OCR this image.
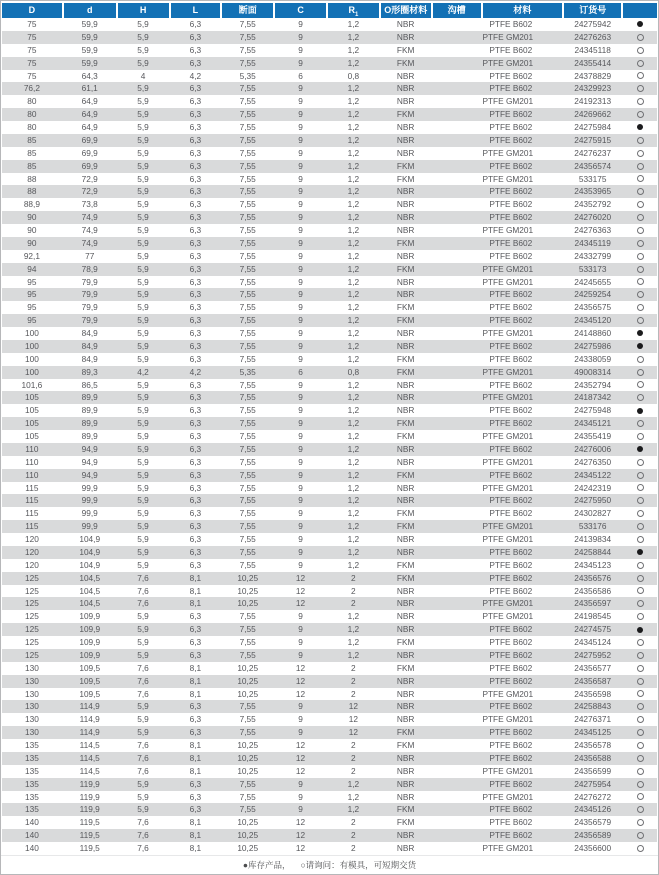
D	d	H	L	断面	C	$R_1$	O形圈材料	沟槽	材料	订货号
75	59,9	5,9	6,3	7,55	9	1,2	NBR	PTFE B602	24275942
75	59,9	5,9	6,3	7,55	9	1,2	NBR	PTFE GM201	24276263
75	59,9	5,9	6,3	7,55	9	1,2	FKM	PTFE B602	24345118
75	59,9	5,9	6,3	7,55	9	1,2	FKM	PTFE GM201	24355414
75	64,3	4	4,2	5,35	6	0,8	NBR	PTFE B602	24378829
76,2	61,1	5,9	6,3	7,55	9	1,2	NBR	PTFE B602	24329923
80	64,9	5,9	6,3	7,55	9	1,2	NBR	PTFE GM201	24192313
80	64,9	5,9	6,3	7,55	9	1,2	FKM	PTFE B602	24269662
80	64,9	5,9	6,3	7,55	9	1,2	NBR	PTFE B602	24275984
85	69,9	5,9	6,3	7,55	9	1,2	NBR	PTFE B602	24275915
85	69,9	5,9	6,3	7,55	9	1,2	NBR	PTFE GM201	24276237
85	69,9	5,9	6,3	7,55	9	1,2	FKM	PTFE B602	24356574
88	72,9	5,9	6,3	7,55	9	1,2	FKM	PTFE GM201	533175
88	72,9	5,9	6,3	7,55	9	1,2	NBR	PTFE B602	24353965
88,9	73,8	5,9	6,3	7,55	9	1,2	NBR	PTFE B602	24352792
90	74,9	5,9	6,3	7,55	9	1,2	NBR	PTFE B602	24276020
90	74,9	5,9	6,3	7,55	9	1,2	NBR	PTFE GM201	24276363
90	74,9	5,9	6,3	7,55	9	1,2	FKM	PTFE B602	24345119
92,1	77	5,9	6,3	7,55	9	1,2	NBR	PTFE B602	24332799
94	78,9	5,9	6,3	7,55	9	1,2	FKM	PTFE GM201	533173
95	79,9	5,9	6,3	7,55	9	1,2	NBR	PTFE GM201	24245655
95	79,9	5,9	6,3	7,55	9	1,2	NBR	PTFE B602	24259254
95	79,9	5,9	6,3	7,55	9	1,2	FKM	PTFE B602	24356575
95	79,9	5,9	6,3	7,55	9	1,2	FKM	PTFE B602	24345120
100	84,9	5,9	6,3	7,55	9	1,2	NBR	PTFE GM201	24148860
100	84,9	5,9	6,3	7,55	9	1,2	NBR	PTFE B602	24275986
100	84,9	5,9	6,3	7,55	9	1,2	FKM	PTFE B602	24338059
100	89,3	4,2	4,2	5,35	6	0,8	FKM	PTFE GM201	49008314
101,6	86,5	5,9	6,3	7,55	9	1,2	NBR	PTFE B602	24352794
105	89,9	5,9	6,3	7,55	9	1,2	NBR	PTFE GM201	24187342
105	89,9	5,9	6,3	7,55	9	1,2	NBR	PTFE B602	24275948
105	89,9	5,9	6,3	7,55	9	1,2	FKM	PTFE B602	24345121
105	89,9	5,9	6,3	7,55	9	1,2	FKM	PTFE GM201	24355419
110	94,9	5,9	6,3	7,55	9	1,2	NBR	PTFE B602	24276006
110	94,9	5,9	6,3	7,55	9	1,2	NBR	PTFE GM201	24276350
110	94,9	5,9	6,3	7,55	9	1,2	FKM	PTFE B602	24345122
115	99,9	5,9	6,3	7,55	9	1,2	NBR	PTFE GM201	24242319
115	99,9	5,9	6,3	7,55	9	1,2	NBR	PTFE B602	24275950
115	99,9	5,9	6,3	7,55	9	1,2	FKM	PTFE B602	24302827
115	99,9	5,9	6,3	7,55	9	1,2	FKM	PTFE GM201	533176
120	104,9	5,9	6,3	7,55	9	1,2	NBR	PTFE GM201	24139834
120	104,9	5,9	6,3	7,55	9	1,2	NBR	PTFE B602	24258844
120	104,9	5,9	6,3	7,55	9	1,2	FKM	PTFE B602	24345123
125	104,5	7,6	8,1	10,25	12	2	FKM	PTFE B602	24356576
125	104,5	7,6	8,1	10,25	12	2	NBR	PTFE B602	24356586
125	104,5	7,6	8,1	10,25	12	2	NBR	PTFE GM201	24356597
125	109,9	5,9	6,3	7,55	9	1,2	NBR	PTFE GM201	24198545
125	109,9	5,9	6,3	7,55	9	1,2	NBR	PTFE B602	24274575
125	109,9	5,9	6,3	7,55	9	1,2	FKM	PTFE B602	24345124
125	109,9	5,9	6,3	7,55	9	1,2	NBR	PTFE B602	24275952
130	109,5	7,6	8,1	10,25	12	2	FKM	PTFE B602	24356577
130	109,5	7,6	8,1	10,25	12	2	NBR	PTFE B602	24356587
130	109,5	7,6	8,1	10,25	12	2	NBR	PTFE GM201	24356598
130	114,9	5,9	6,3	7,55	9	12	NBR	PTFE B602	24258843
130	114,9	5,9	6,3	7,55	9	12	NBR	PTFE GM201	24276371
130	114,9	5,9	6,3	7,55	9	12	FKM	PTFE B602	24345125
135	114,5	7,6	8,1	10,25	12	2	FKM	PTFE B602	24356578
135	114,5	7,6	8,1	10,25	12	2	NBR	PTFE B602	24356588
135	114,5	7,6	8,1	10,25	12	2	NBR	PTFE GM201	24356599
135	119,9	5,9	6,3	7,55	9	1,2	NBR	PTFE B602	24275954
135	119,9	5,9	6,3	7,55	9	1,2	NBR	PTFE GM201	24276272
135	119,9	5,9	6,3	7,55	9	1,2	FKM	PTFE B602	24345126
140	119,5	7,6	8,1	10,25	12	2	FKM	PTFE B602	24356579
140	119,5	7,6	8,1	10,25	12	2	NBR	PTFE B602	24356589
140	119,5	7,6	8,1	10,25	12	2	NBR	PTFE GM201	24356600
●库存产品， ○请询问：有模具，可短期交货
